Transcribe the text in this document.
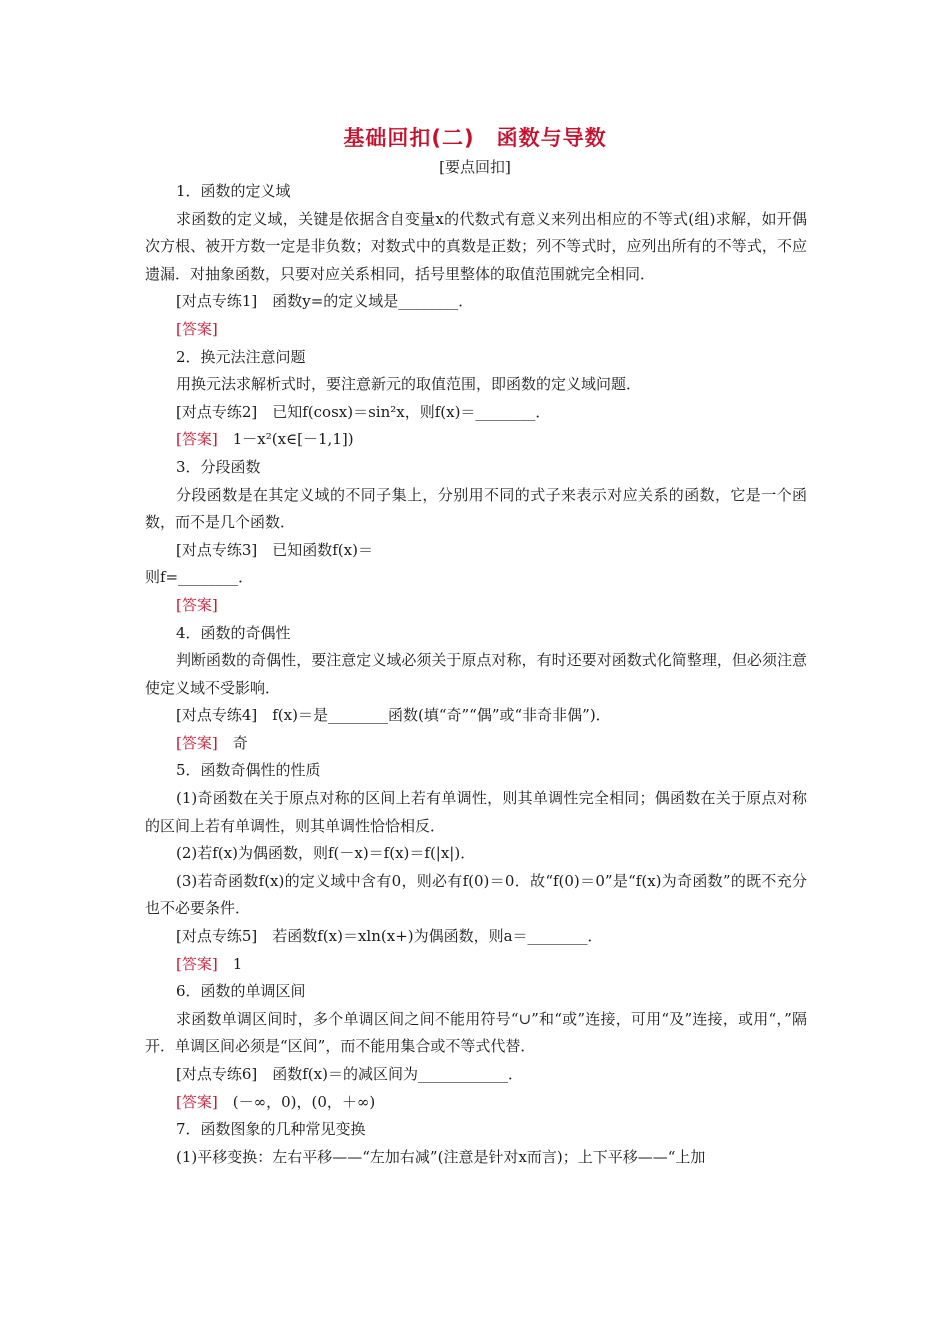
基础回扣(二)　函数与导数
[要点回扣]

1．函数的定义域

求函数的定义域，关键是依据含自变量x的代数式有意义来列出相应的不等式(组)求解，如开偶次方根、被开方数一定是非负数；对数式中的真数是正数；列不等式时，应列出所有的不等式，不应遗漏．对抽象函数，只要对应关系相同，括号里整体的取值范围就完全相同．

[对点专练1]　函数y=的定义域是________．

[答案]

2．换元法注意问题

用换元法求解析式时，要注意新元的取值范围，即函数的定义域问题．

[对点专练2]　已知f(cosx)＝sin²x，则f(x)＝________．

[答案]　1－x²(x∈[－1,1])

3．分段函数

分段函数是在其定义域的不同子集上，分别用不同的式子来表示对应关系的函数，它是一个函数，而不是几个函数．

[对点专练3]　已知函数f(x)＝

则f=________．

[答案]

4．函数的奇偶性

判断函数的奇偶性，要注意定义域必须关于原点对称，有时还要对函数式化简整理，但必须注意使定义域不受影响．

[对点专练4]　f(x)＝是________函数(填“奇”“偶”或“非奇非偶”)．

[答案]　奇

5．函数奇偶性的性质

(1)奇函数在关于原点对称的区间上若有单调性，则其单调性完全相同；偶函数在关于原点对称的区间上若有单调性，则其单调性恰恰相反．

(2)若f(x)为偶函数，则f(－x)＝f(x)＝f(|x|)．

(3)若奇函数f(x)的定义域中含有0，则必有f(0)＝0．故“f(0)＝0”是“f(x)为奇函数”的既不充分也不必要条件．

[对点专练5]　若函数f(x)＝xln(x+)为偶函数，则a＝________．

[答案]　1

6．函数的单调区间

求函数单调区间时，多个单调区间之间不能用符号“∪”和“或”连接，可用“及”连接，或用“，”隔开．单调区间必须是“区间”，而不能用集合或不等式代替．

[对点专练6]　函数f(x)＝的减区间为____________．

[答案]　(－∞，0)，(0，＋∞)

7．函数图象的几种常见变换

(1)平移变换：左右平移——“左加右减”(注意是针对x而言)；上下平移——“上加
